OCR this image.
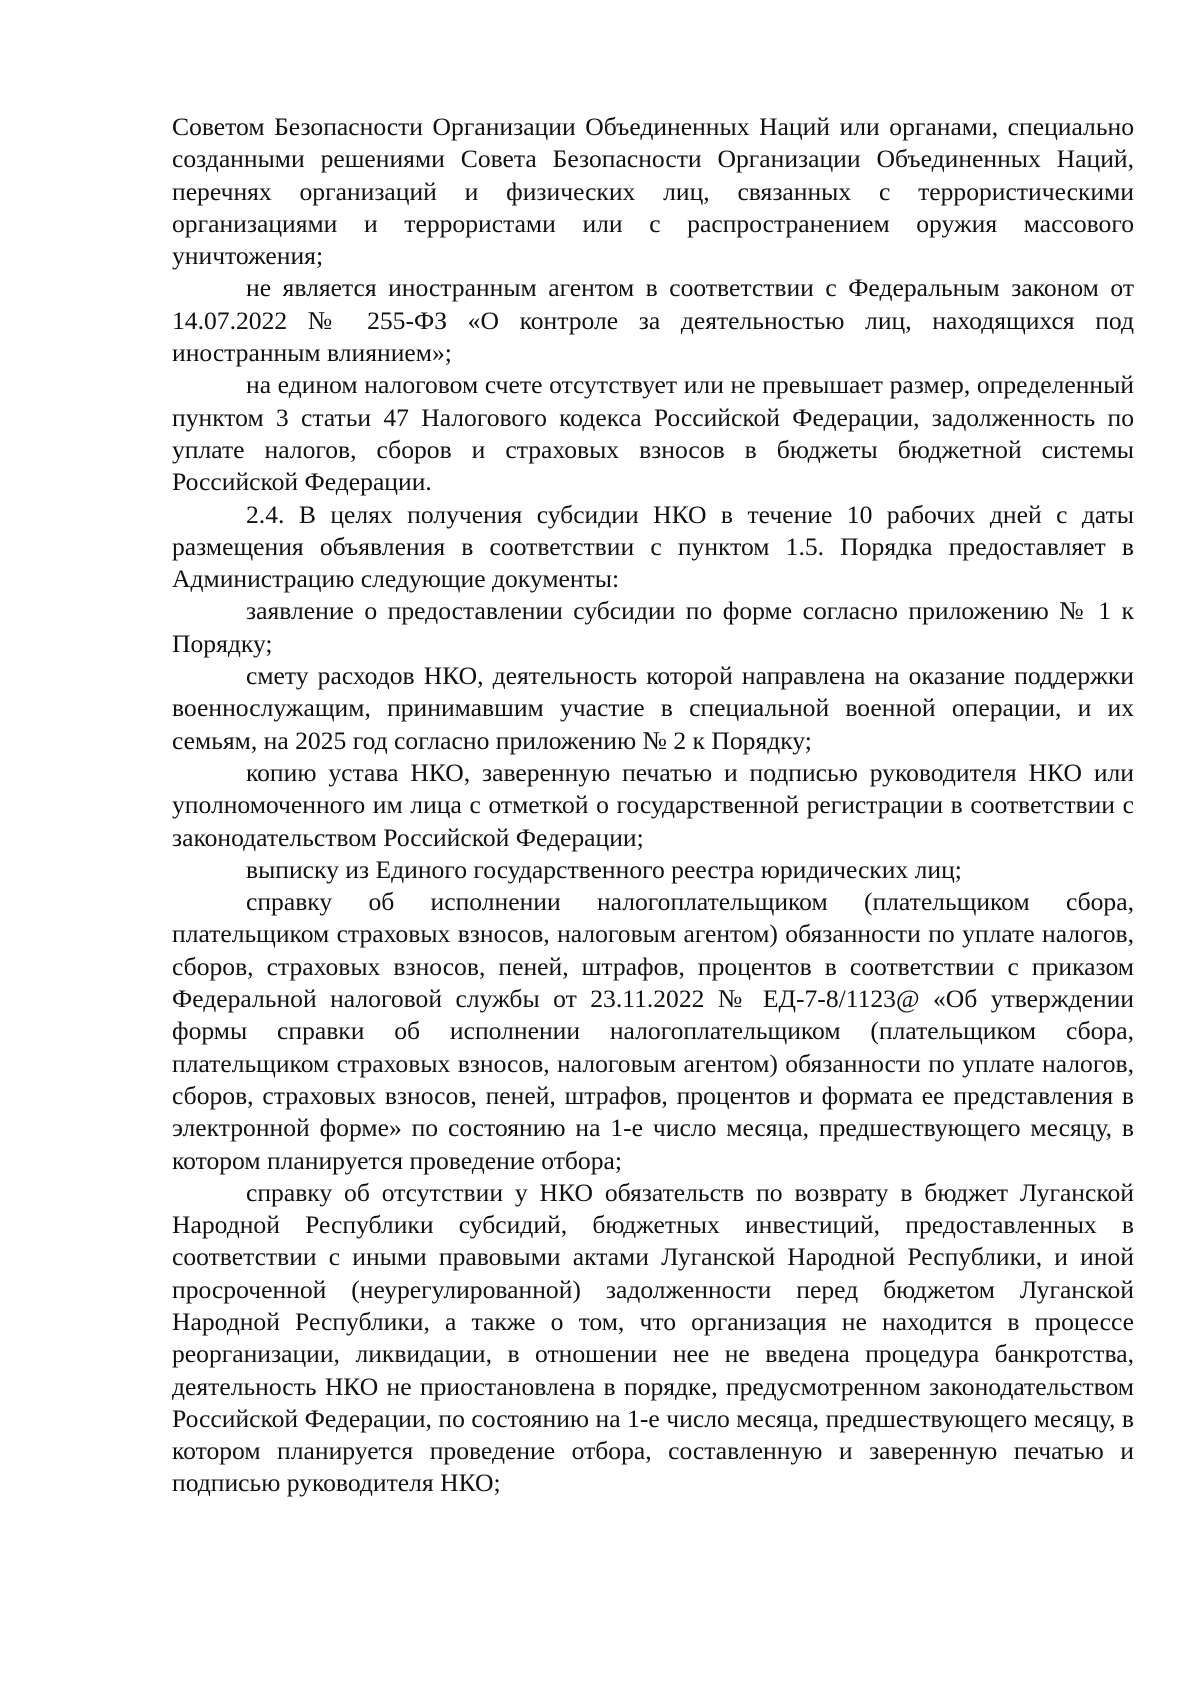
Советом Безопасности Организации Объединенных Наций или органами, специально созданными решениями Совета Безопасности Организации Объединенных Наций, перечнях организаций и физических лиц, связанных с террористическими организациями и террористами или с распространением оружия массового уничтожения;

не является иностранным агентом в соответствии с Федеральным законом от 14.07.2022 № 255-ФЗ «О контроле за деятельностью лиц, находящихся под иностранным влиянием»;

на едином налоговом счете отсутствует или не превышает размер, определенный пунктом 3 статьи 47 Налогового кодекса Российской Федерации, задолженность по уплате налогов, сборов и страховых взносов в бюджеты бюджетной системы Российской Федерации.

2.4. В целях получения субсидии НКО в течение 10 рабочих дней с даты размещения объявления в соответствии с пунктом 1.5. Порядка предоставляет в Администрацию следующие документы:

заявление о предоставлении субсидии по форме согласно приложению № 1 к Порядку;

смету расходов НКО, деятельность которой направлена на оказание поддержки военнослужащим, принимавшим участие в специальной военной операции, и их семьям, на 2025 год согласно приложению № 2 к Порядку;

копию устава НКО, заверенную печатью и подписью руководителя НКО или уполномоченного им лица с отметкой о государственной регистрации в соответствии с законодательством Российской Федерации;

выписку из Единого государственного реестра юридических лиц;

справку об исполнении налогоплательщиком (плательщиком сбора, плательщиком страховых взносов, налоговым агентом) обязанности по уплате налогов, сборов, страховых взносов, пеней, штрафов, процентов в соответствии с приказом Федеральной налоговой службы от 23.11.2022 № ЕД-7-8/1123@ «Об утверждении формы справки об исполнении налогоплательщиком (плательщиком сбора, плательщиком страховых взносов, налоговым агентом) обязанности по уплате налогов, сборов, страховых взносов, пеней, штрафов, процентов и формата ее представления в электронной форме» по состоянию на 1-е число месяца, предшествующего месяцу, в котором планируется проведение отбора;

справку об отсутствии у НКО обязательств по возврату в бюджет Луганской Народной Республики субсидий, бюджетных инвестиций, предоставленных в соответствии с иными правовыми актами Луганской Народной Республики, и иной просроченной (неурегулированной) задолженности перед бюджетом Луганской Народной Республики, а также о том, что организация не находится в процессе реорганизации, ликвидации, в отношении нее не введена процедура банкротства, деятельность НКО не приостановлена в порядке, предусмотренном законодательством Российской Федерации, по состоянию на 1-е число месяца, предшествующего месяцу, в котором планируется проведение отбора, составленную и заверенную печатью и подписью руководителя НКО;
